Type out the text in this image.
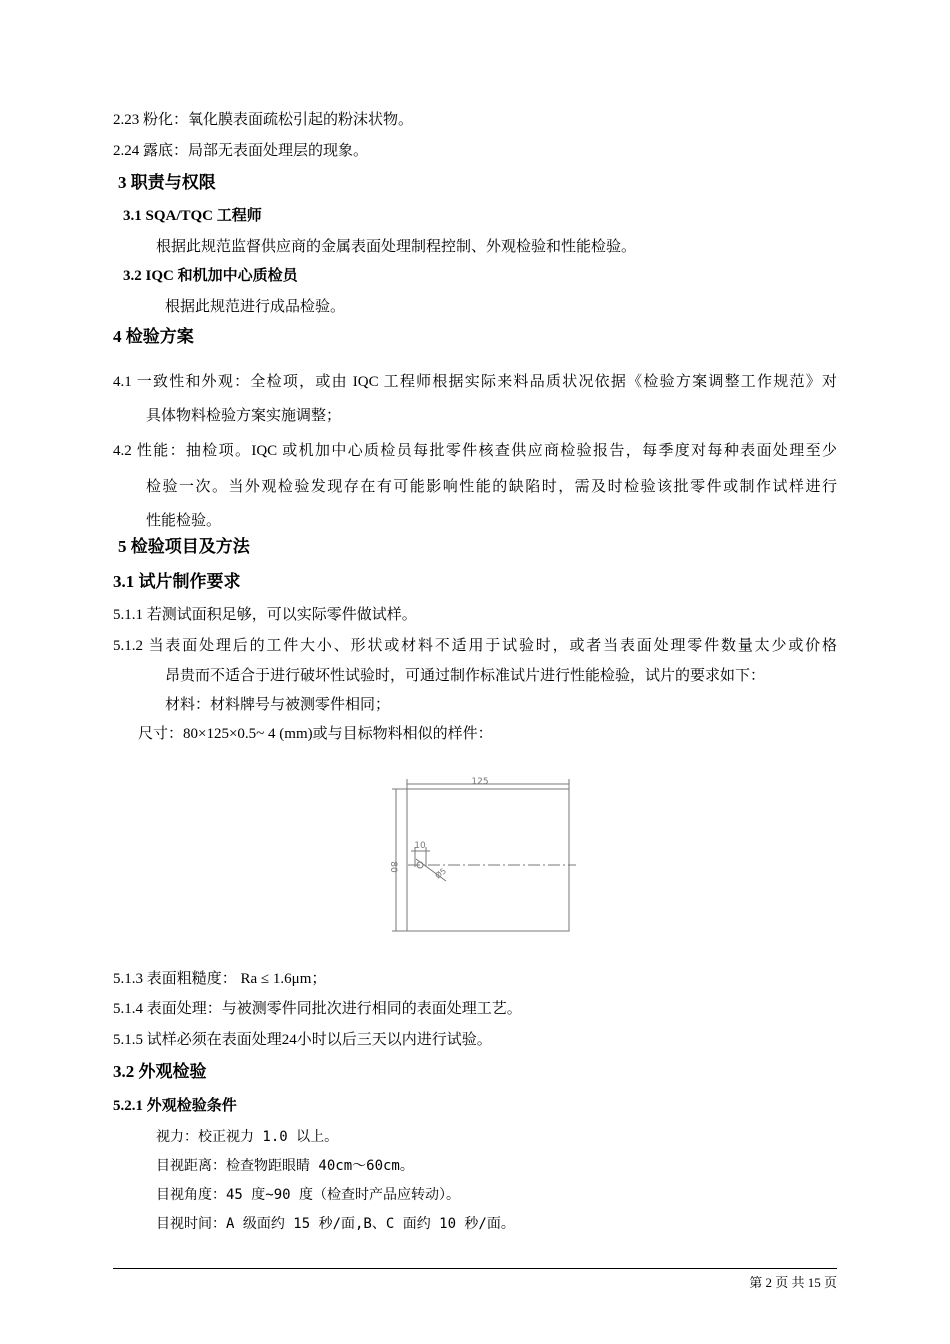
2.23 粉化：氧化膜表面疏松引起的粉沫状物。
2.24 露底：局部无表面处理层的现象。
3 职责与权限
3.1 SQA/TQC 工程师
根据此规范监督供应商的金属表面处理制程控制、外观检验和性能检验。
3.2 IQC 和机加中心质检员
根据此规范进行成品检验。
4 检验方案
4.1 一致性和外观：全检项，或由 IQC 工程师根据实际来料品质状况依据《检验方案调整工作规范》对
具体物料检验方案实施调整；
4.2 性能：抽检项。IQC 或机加中心质检员每批零件核查供应商检验报告，每季度对每种表面处理至少
检验一次。当外观检验发现存在有可能影响性能的缺陷时，需及时检验该批零件或制作试样进行
性能检验。
5 检验项目及方法
3.1 试片制作要求
5.1.1 若测试面积足够，可以实际零件做试样。
5.1.2 当表面处理后的工件大小、形状或材料不适用于试验时，或者当表面处理零件数量太少或价格
昂贵而不适合于进行破坏性试验时，可通过制作标准试片进行性能检验，试片的要求如下：
材料：材料牌号与被测零件相同；
尺寸：80×125×0.5~ 4 (mm)或与目标物料相似的样件：
125
80
10
Ø5
5.1.3 表面粗糙度： Ra ≤ 1.6μm；
5.1.4 表面处理：与被测零件同批次进行相同的表面处理工艺。
5.1.5 试样必须在表面处理24小时以后三天以内进行试验。
3.2 外观检验
5.2.1 外观检验条件
视力：校正视力 1.0 以上。
目视距离：检查物距眼睛 40cm～60cm。
目视角度：45 度~90 度（检查时产品应转动）。
目视时间：A 级面约 15 秒/面,B、C 面约 10 秒/面。
第 2 页 共 15 页
